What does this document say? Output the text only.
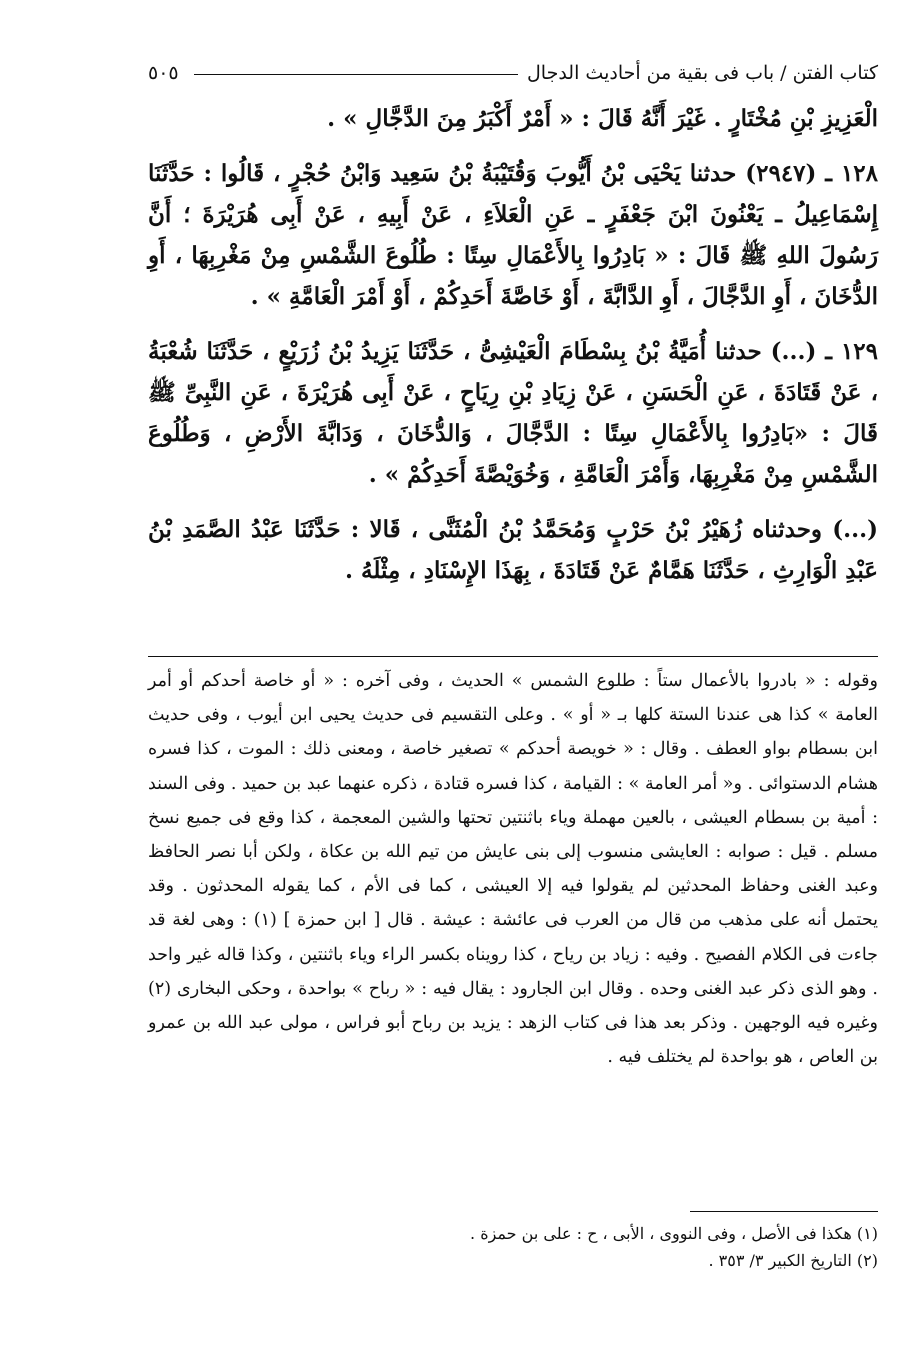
كتاب الفتن / باب فى بقية من أحاديث الدجال
٥٠٥

الْعَزِيزِ بْنِ مُخْتَارٍ . غَيْرَ أَنَّهُ قَالَ : « أَمْرٌ أَكْبَرُ مِنَ الدَّجَّالِ » .

١٢٨ ـ (٢٩٤٧) حدثنا يَحْيَى بْنُ أَيُّوبَ وَقُتَيْبَةُ بْنُ سَعِيد وَابْنُ حُجْرٍ ، قَالُوا : حَدَّثَنَا إِسْمَاعِيلُ ـ يَعْنُونَ ابْنَ جَعْفَرٍ ـ عَنِ الْعَلاَءِ ، عَنْ أَبِيهِ ، عَنْ أَبِى هُرَيْرَةَ ؛ أَنَّ رَسُولَ اللهِ ﷺ قَالَ : « بَادِرُوا بِالأَعْمَالِ سِتًا : طُلُوعَ الشَّمْسِ مِنْ مَغْرِبِهَا ، أَوِ الدُّخَانَ ، أَوِ الدَّجَّالَ ، أَوِ الدَّابَّةَ ، أَوْ خَاصَّةَ أَحَدِكُمْ ، أَوْ أَمْرَ الْعَامَّةِ » .

١٢٩ ـ (...) حدثنا أُمَيَّةُ بْنُ بِسْطَامَ الْعَيْشِىُّ ، حَدَّثَنَا يَزِيدُ بْنُ زُرَيْعٍ ، حَدَّثَنَا شُعْبَةُ ، عَنْ قَتَادَةَ ، عَنِ الْحَسَنِ ، عَنْ زِيَادِ بْنِ رِيَاحٍ ، عَنْ أَبِى هُرَيْرَةَ ، عَنِ النَّبِىِّ ﷺ قَالَ : «بَادِرُوا بِالأَعْمَالِ سِتًا : الدَّجَّالَ ، وَالدُّخَانَ ، وَدَابَّةَ الأَرْضِ ، وَطُلُوعَ الشَّمْسِ مِنْ مَغْرِبِهَا، وَأَمْرَ الْعَامَّةِ ، وَخُوَيْصَّةَ أَحَدِكُمْ » .

(...) وحدثناه زُهَيْرُ بْنُ حَرْبٍ وَمُحَمَّدُ بْنُ الْمُثَنَّى ، قَالا : حَدَّثَنَا عَبْدُ الصَّمَدِ بْنُ عَبْدِ الْوَارِثِ ، حَدَّثَنَا هَمَّامٌ عَنْ قَتَادَةَ ، بِهَذَا الإِسْنَادِ ، مِثْلَهُ .

وقوله : « بادروا بالأعمال ستاً : طلوع الشمس » الحديث ، وفى آخره : « أو خاصة أحدكم أو أمر العامة » كذا هى عندنا الستة كلها بـ « أو » . وعلى التقسيم فى حديث يحيى ابن أيوب ، وفى حديث ابن بسطام بواو العطف . وقال : « خويصة أحدكم » تصغير خاصة ، ومعنى ذلك : الموت ، كذا فسره هشام الدستوائى . و« أمر العامة » : القيامة ، كذا فسره قتادة ، ذكره عنهما عبد بن حميد . وفى السند : أمية بن بسطام العيشى ، بالعين مهملة وياء باثنتين تحتها والشين المعجمة ، كذا وقع فى جميع نسخ مسلم . قيل : صوابه : العايشى منسوب إلى بنى عايش من تيم الله بن عكاة ، ولكن أبا نصر الحافظ وعبد الغنى وحفاظ المحدثين لم يقولوا فيه إلا العيشى ، كما فى الأم ، كما يقوله المحدثون . وقد يحتمل أنه على مذهب من قال من العرب فى عائشة : عيشة . قال [ ابن حمزة ] (١) : وهى لغة قد جاءت فى الكلام الفصيح . وفيه : زياد بن رياح ، كذا رويناه بكسر الراء وياء باثنتين ، وكذا قاله غير واحد . وهو الذى ذكر عبد الغنى وحده . وقال ابن الجارود : يقال فيه : « رباح » بواحدة ، وحكى البخارى (٢) وغيره فيه الوجهين . وذكر بعد هذا فى كتاب الزهد : يزيد بن رباح أبو فراس ، مولى عبد الله بن عمرو بن العاص ، هو بواحدة لم يختلف فيه .

(١) هكذا فى الأصل ، وفى النووى ، الأبى ، ح : على بن حمزة .

(٢) التاريخ الكبير ٣/ ٣٥٣ .
